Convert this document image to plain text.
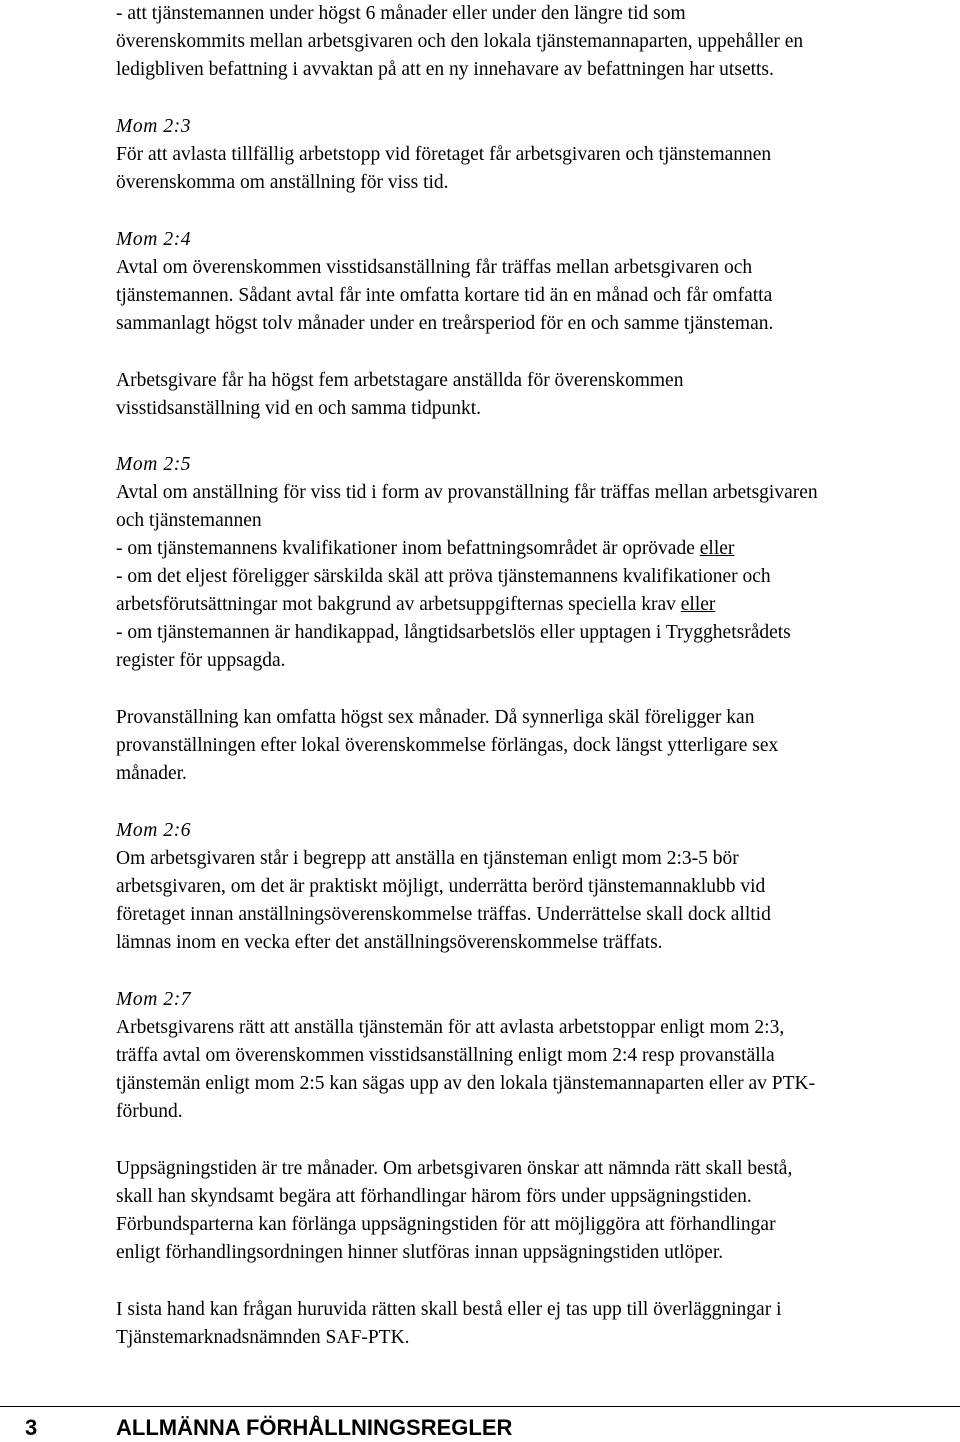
- att tjänstemannen under högst 6 månader eller under den längre tid som
överenskommits mellan arbetsgivaren och den lokala tjänstemannaparten, uppehåller en
ledigbliven befattning i avvaktan på att en ny innehavare av befattningen har utsetts.
Mom 2:3
För att avlasta tillfällig arbetstopp vid företaget får arbetsgivaren och tjänstemannen
överenskomma om anställning för viss tid.
Mom 2:4
Avtal om överenskommen visstidsanställning får träffas mellan arbetsgivaren och
tjänstemannen. Sådant avtal får inte omfatta kortare tid än en månad och får omfatta
sammanlagt högst tolv månader under en treårsperiod för en och samme tjänsteman.
Arbetsgivare får ha högst fem arbetstagare anställda för överenskommen
visstidsanställning vid en och samma tidpunkt.
Mom 2:5
Avtal om anställning för viss tid i form av provanställning får träffas mellan arbetsgivaren
och tjänstemannen
- om tjänstemannens kvalifikationer inom befattningsområdet är oprövade eller
- om det eljest föreligger särskilda skäl att pröva tjänstemannens kvalifikationer och
arbetsförutsättningar mot bakgrund av arbetsuppgifternas speciella krav eller
- om tjänstemannen är handikappad, långtidsarbetslös eller upptagen i Trygghetsrådets
register för uppsagda.
Provanställning kan omfatta högst sex månader. Då synnerliga skäl föreligger kan
provanställningen efter lokal överenskommelse förlängas, dock längst ytterligare sex
månader.
Mom 2:6
Om arbetsgivaren står i begrepp att anställa en tjänsteman enligt mom 2:3-5 bör
arbetsgivaren, om det är praktiskt möjligt, underrätta berörd tjänstemannaklubb vid
företaget innan anställningsöverenskommelse träffas. Underrättelse skall dock alltid
lämnas inom en vecka efter det anställningsöverenskommelse träffats.
Mom 2:7
Arbetsgivarens rätt att anställa tjänstemän för att avlasta arbetstoppar enligt mom 2:3,
träffa avtal om överenskommen visstidsanställning enligt mom 2:4 resp provanställa
tjänstemän enligt mom 2:5 kan sägas upp av den lokala tjänstemannaparten eller av PTK-
förbund.
Uppsägningstiden är tre månader. Om arbetsgivaren önskar att nämnda rätt skall bestå,
skall han skyndsamt begära att förhandlingar härom förs under uppsägningstiden.
Förbundsparterna kan förlänga uppsägningstiden för att möjliggöra att förhandlingar
enligt förhandlingsordningen hinner slutföras innan uppsägningstiden utlöper.
I sista hand kan frågan huruvida rätten skall bestå eller ej tas upp till överläggningar i
Tjänstemarknadsnämnden SAF-PTK.
3	ALLMÄNNA FÖRHÅLLNINGSREGLER
